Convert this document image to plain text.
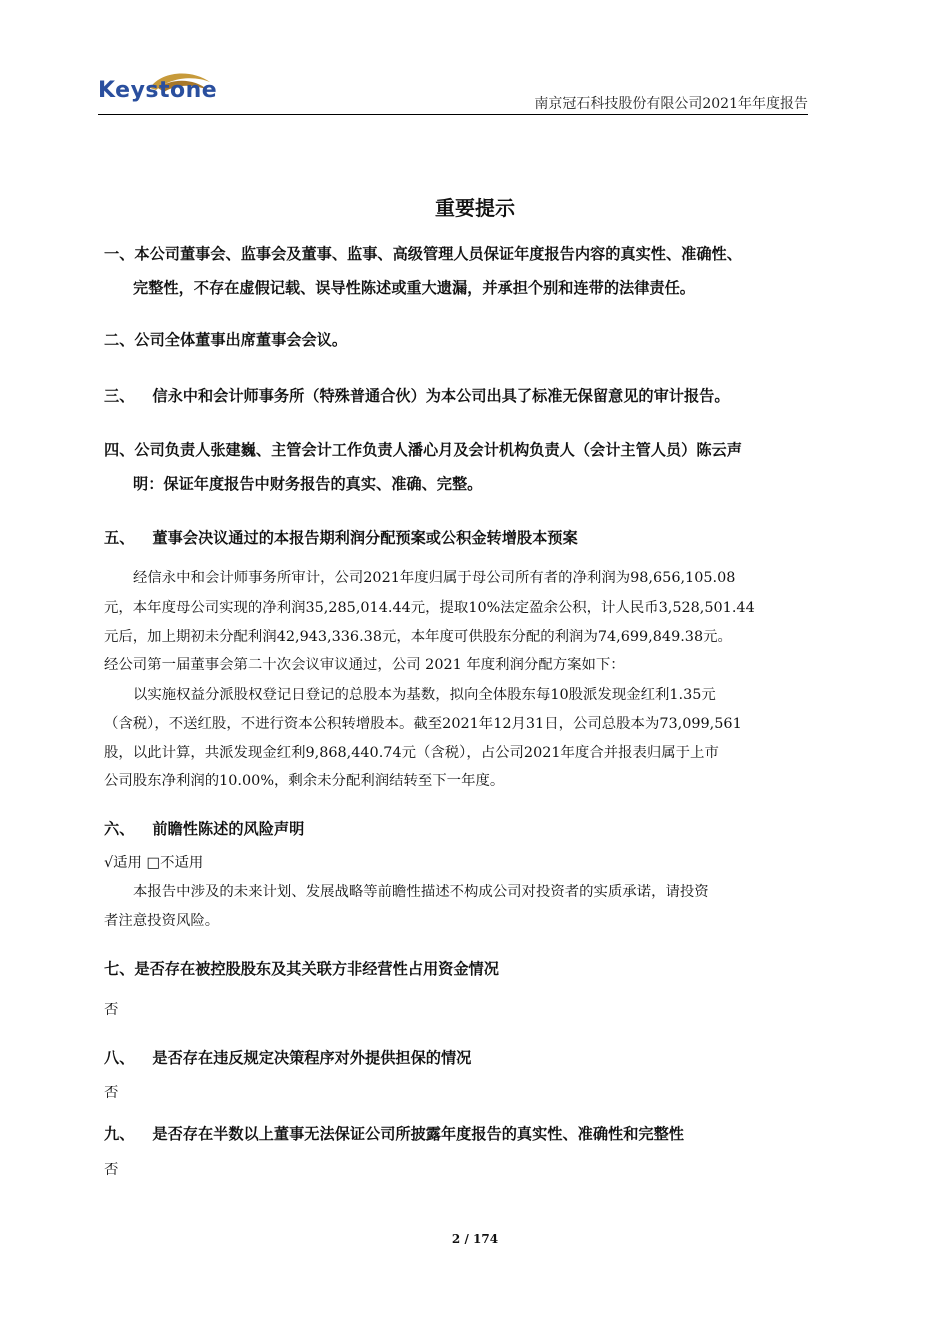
Keystone
南京冠石科技股份有限公司2021年年度报告
重要提示
一、本公司董事会、监事会及董事、监事、高级管理人员保证年度报告内容的真实性、准确性、
完整性，不存在虚假记载、误导性陈述或重大遗漏，并承担个别和连带的法律责任。
二、公司全体董事出席董事会会议。
三、 信永中和会计师事务所（特殊普通合伙）为本公司出具了标准无保留意见的审计报告。
四、公司负责人张建巍、主管会计工作负责人潘心月及会计机构负责人（会计主管人员）陈云声
明：保证年度报告中财务报告的真实、准确、完整。
五、 董事会决议通过的本报告期利润分配预案或公积金转增股本预案
经信永中和会计师事务所审计，公司2021年度归属于母公司所有者的净利润为98,656,105.08
元，本年度母公司实现的净利润35,285,014.44元，提取10%法定盈余公积，计人民币3,528,501.44
元后，加上期初未分配利润42,943,336.38元，本年度可供股东分配的利润为74,699,849.38元。
经公司第一届董事会第二十次会议审议通过，公司 2021 年度利润分配方案如下：
以实施权益分派股权登记日登记的总股本为基数，拟向全体股东每10股派发现金红利1.35元
（含税），不送红股，不进行资本公积转增股本。截至2021年12月31日，公司总股本为73,099,561
股，以此计算，共派发现金红利9,868,440.74元（含税），占公司2021年度合并报表归属于上市
公司股东净利润的10.00%，剩余未分配利润结转至下一年度。
六、 前瞻性陈述的风险声明
√适用 □不适用
本报告中涉及的未来计划、发展战略等前瞻性描述不构成公司对投资者的实质承诺，请投资
者注意投资风险。
七、是否存在被控股股东及其关联方非经营性占用资金情况
否
八、 是否存在违反规定决策程序对外提供担保的情况
否
九、 是否存在半数以上董事无法保证公司所披露年度报告的真实性、准确性和完整性
否
2 / 174
